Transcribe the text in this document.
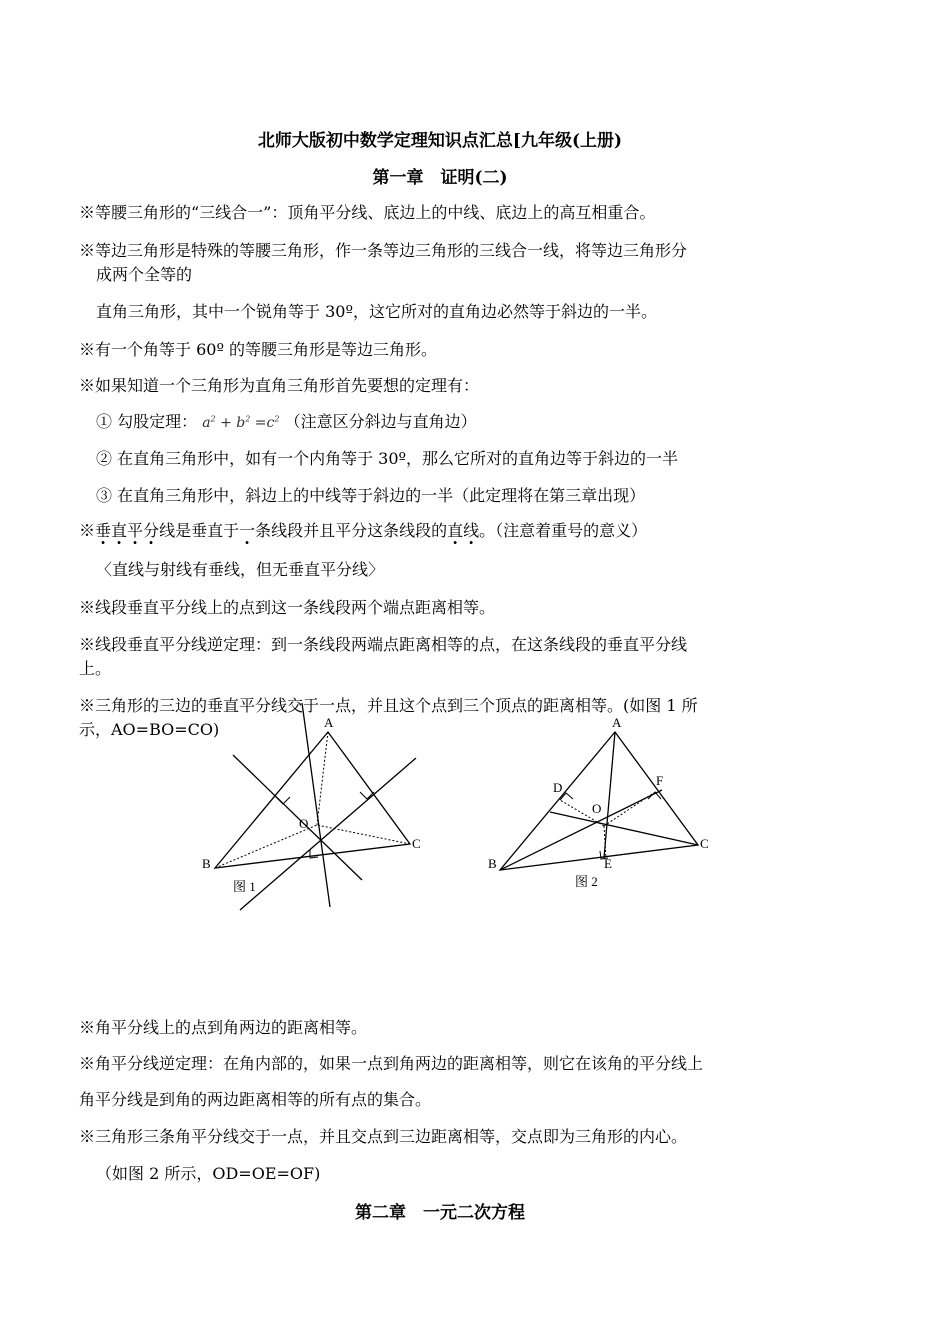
北师大版初中数学定理知识点汇总[九年级(上册)
第一章　证明(二)
※等腰三角形的“三线合一”：顶角平分线、底边上的中线、底边上的高互相重合。
※等边三角形是特殊的等腰三角形，作一条等边三角形的三线合一线，将等边三角形分
成两个全等的
直角三角形，其中一个锐角等于 30º，这它所对的直角边必然等于斜边的一半。
※有一个角等于 60º 的等腰三角形是等边三角形。
※如果知道一个三角形为直角三角形首先要想的定理有：
① 勾股定理： $a^2 + b^2 =c^2$ （注意区分斜边与直角边）
② 在直角三角形中，如有一个内角等于 30º，那么它所对的直角边等于斜边的一半
③ 在直角三角形中，斜边上的中线等于斜边的一半（此定理将在第三章出现）
※垂直平分线是垂直于一条线段并且平分这条线段的直线。（注意着重号的意义）
〈直线与射线有垂线，但无垂直平分线〉
※线段垂直平分线上的点到这一条线段两个端点距离相等。
※线段垂直平分线逆定理：到一条线段两端点距离相等的点，在这条线段的垂直平分线
上。
※三角形的三边的垂直平分线交于一点，并且这个点到三个顶点的距离相等。(如图 1 所
示，AO=BO=CO)	A
B
C
O
图 1
A
B
C
O
D
E
F
图 2
※角平分线上的点到角两边的距离相等。
※角平分线逆定理：在角内部的，如果一点到角两边的距离相等，则它在该角的平分线上
角平分线是到角的两边距离相等的所有点的集合。
※三角形三条角平分线交于一点，并且交点到三边距离相等，交点即为三角形的内心。
（如图 2 所示，OD=OE=OF)
第二章　一元二次方程
